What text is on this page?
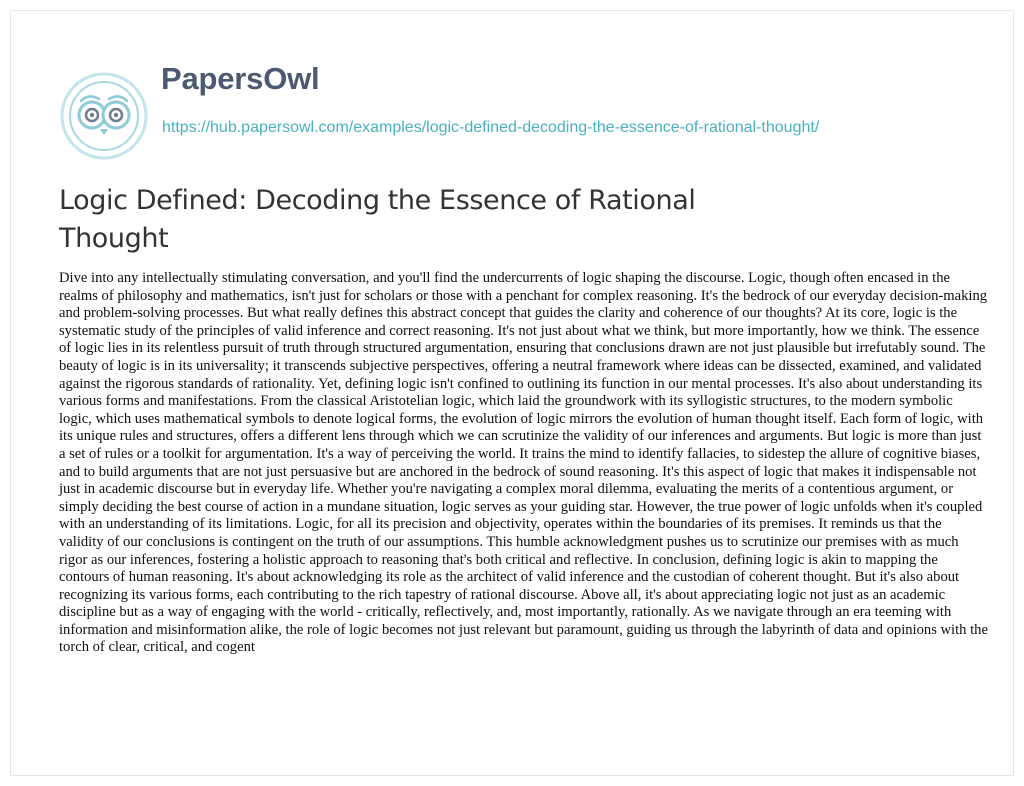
PapersOwl
https://hub.papersowl.com/examples/logic-defined-decoding-the-essence-of-rational-thought/
Logic Defined: Decoding the Essence of Rational Thought

Dive into any intellectually stimulating conversation, and you'll find the undercurrents of logic shaping the discourse. Logic, though often encased in the realms of philosophy and mathematics, isn't just for scholars or those with a penchant for complex reasoning. It's the bedrock of our everyday decision-making and problem-solving processes. But what really defines this abstract concept that guides the clarity and coherence of our thoughts? At its core, logic is the systematic study of the principles of valid inference and correct reasoning. It's not just about what we think, but more importantly, how we think. The essence of logic lies in its relentless pursuit of truth through structured argumentation, ensuring that conclusions drawn are not just plausible but irrefutably sound. The beauty of logic is in its universality; it transcends subjective perspectives, offering a neutral framework where ideas can be dissected, examined, and validated against the rigorous standards of rationality. Yet, defining logic isn't confined to outlining its function in our mental processes. It's also about understanding its various forms and manifestations. From the classical Aristotelian logic, which laid the groundwork with its syllogistic structures, to the modern symbolic logic, which uses mathematical symbols to denote logical forms, the evolution of logic mirrors the evolution of human thought itself. Each form of logic, with its unique rules and structures, offers a different lens through which we can scrutinize the validity of our inferences and arguments. But logic is more than just a set of rules or a toolkit for argumentation. It's a way of perceiving the world. It trains the mind to identify fallacies, to sidestep the allure of cognitive biases, and to build arguments that are not just persuasive but are anchored in the bedrock of sound reasoning. It's this aspect of logic that makes it indispensable not just in academic discourse but in everyday life. Whether you're navigating a complex moral dilemma, evaluating the merits of a contentious argument, or simply deciding the best course of action in a mundane situation, logic serves as your guiding star. However, the true power of logic unfolds when it's coupled with an understanding of its limitations. Logic, for all its precision and objectivity, operates within the boundaries of its premises. It reminds us that the validity of our conclusions is contingent on the truth of our assumptions. This humble acknowledgment pushes us to scrutinize our premises with as much rigor as our inferences, fostering a holistic approach to reasoning that's both critical and reflective. In conclusion, defining logic is akin to mapping the contours of human reasoning. It's about acknowledging its role as the architect of valid inference and the custodian of coherent thought. But it's also about recognizing its various forms, each contributing to the rich tapestry of rational discourse. Above all, it's about appreciating logic not just as an academic discipline but as a way of engaging with the world - critically, reflectively, and, most importantly, rationally. As we navigate through an era teeming with information and misinformation alike, the role of logic becomes not just relevant but paramount, guiding us through the labyrinth of data and opinions with the torch of clear, critical, and cogent
